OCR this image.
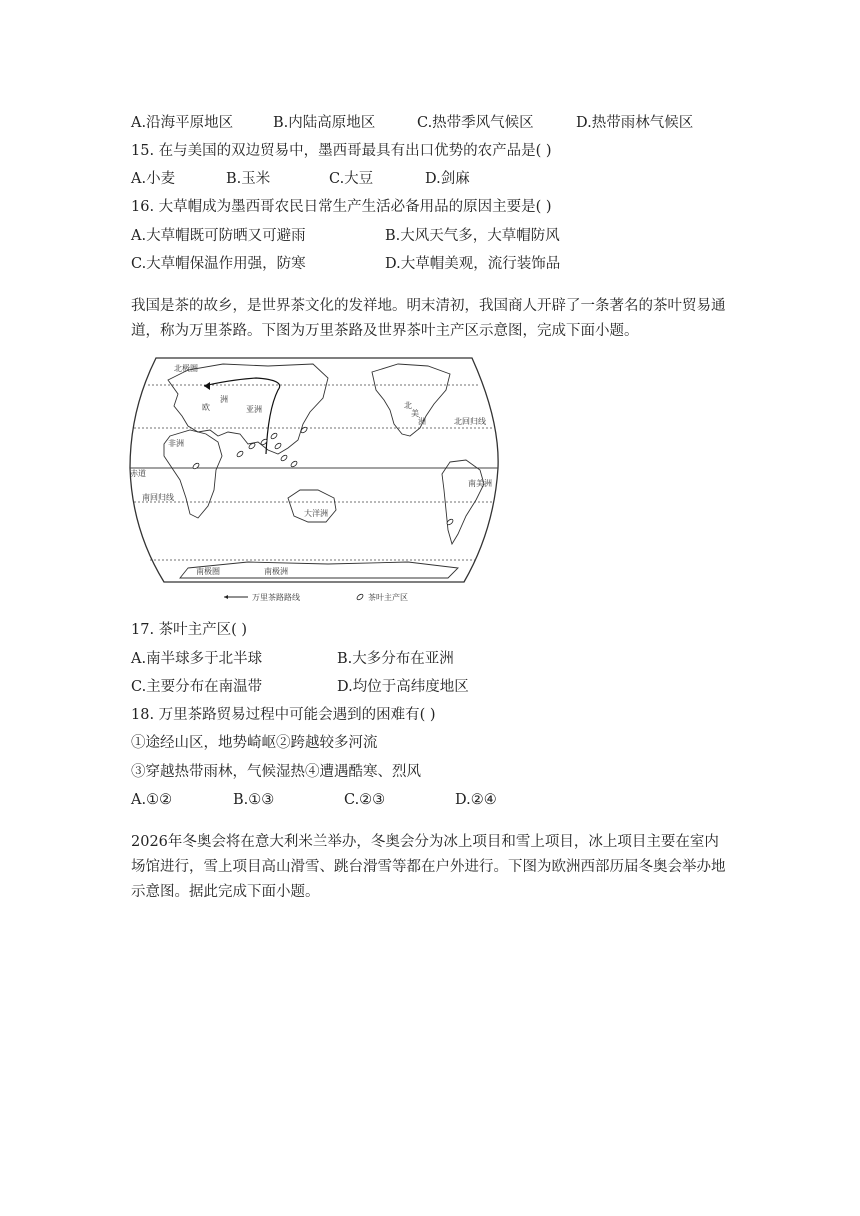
A.沿海平原地区	B.内陆高原地区	C.热带季风气候区	D.热带雨林气候区
15. 在与美国的双边贸易中，墨西哥最具有出口优势的农产品是( )
A.小麦	B.玉米	C.大豆	D.剑麻
16. 大草帽成为墨西哥农民日常生产生活必备用品的原因主要是( )
A.大草帽既可防晒又可避雨	B.大风天气多，大草帽防风
C.大草帽保温作用强，防寒	D.大草帽美观，流行装饰品
我国是茶的故乡，是世界茶文化的发祥地。明末清初，我国商人开辟了一条著名的茶叶贸易通道，称为万里茶路。下图为万里茶路及世界茶叶主产区示意图，完成下面小题。
北极圈
欧
洲
亚洲	北
美
洲	北回归线
非洲
赤道
南美洲
南回归线
大洋洲
南极圈	南极洲
万里茶路路线	茶叶主产区
17. 茶叶主产区( )
A.南半球多于北半球	B.大多分布在亚洲
C.主要分布在南温带	D.均位于高纬度地区
18. 万里茶路贸易过程中可能会遇到的困难有( )
①途经山区，地势崎岖②跨越较多河流
③穿越热带雨林，气候湿热④遭遇酷寒、烈风
A.①②	B.①③	C.②③	D.②④
2026年冬奥会将在意大利米兰举办，冬奥会分为冰上项目和雪上项目，冰上项目主要在室内场馆进行，雪上项目高山滑雪、跳台滑雪等都在户外进行。下图为欧洲西部历届冬奥会举办地示意图。据此完成下面小题。
